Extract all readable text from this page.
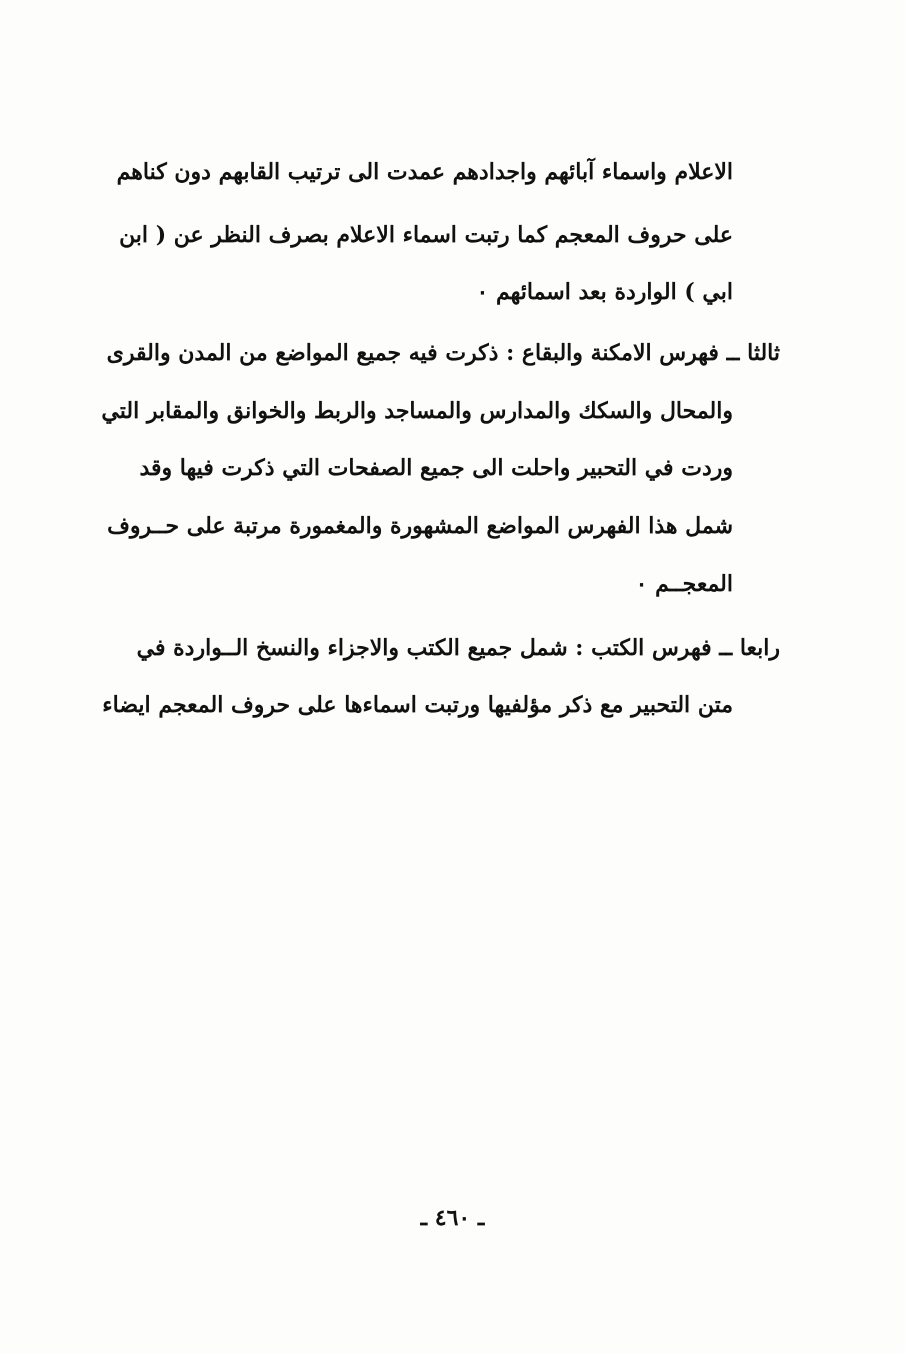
الاعلام واسماء آبائهم واجدادهم عمدت الى ترتيب القابهم دون كناهم
على حروف المعجم كما رتبت اسماء الاعلام بصرف النظر عن ( ابن
ابي ) الواردة بعد اسمائهم ٠
ثالثا ــ فهرس الامكنة والبقاع : ذكرت فيه جميع المواضع من المدن والقرى
والمحال والسكك والمدارس والمساجد والربط والخوانق والمقابر التي
وردت في التحبير واحلت الى جميع الصفحات التي ذكرت فيها وقد
شمل هذا الفهرس المواضع المشهورة والمغمورة مرتبة على حــروف
المعجــم ٠
رابعا ــ فهرس الكتب : شمل جميع الكتب والاجزاء والنسخ الــواردة في
متن التحبير مع ذكر مؤلفيها ورتبت اسماءها على حروف المعجم ايضاء
ـ ٤٦٠ ـ
